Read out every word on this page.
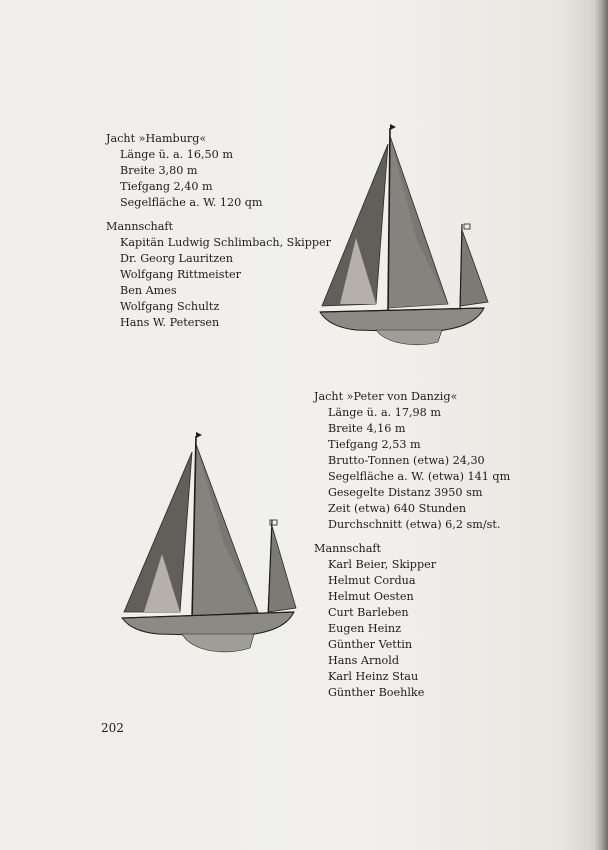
Jacht »Hamburg«
Länge ü. a. 16,50 m
Breite 3,80 m
Tiefgang 2,40 m
Segelfläche a. W. 120 qm
Mannschaft
Kapitän Ludwig Schlimbach, Skipper
Dr. Georg Lauritzen
Wolfgang Rittmeister
Ben Ames
Wolfgang Schultz
Hans W. Petersen
Jacht »Peter von Danzig«
Länge ü. a. 17,98 m
Breite 4,16 m
Tiefgang 2,53 m
Brutto-Tonnen (etwa) 24,30
Segelfläche a. W. (etwa) 141 qm
Gesegelte Distanz 3950 sm
Zeit (etwa) 640 Stunden
Durchschnitt (etwa) 6,2 sm/st.
Mannschaft
Karl Beier, Skipper
Helmut Cordua
Helmut Oesten
Curt Barleben
Eugen Heinz
Günther Vettin
Hans Arnold
Karl Heinz Stau
Günther Boehlke
202
